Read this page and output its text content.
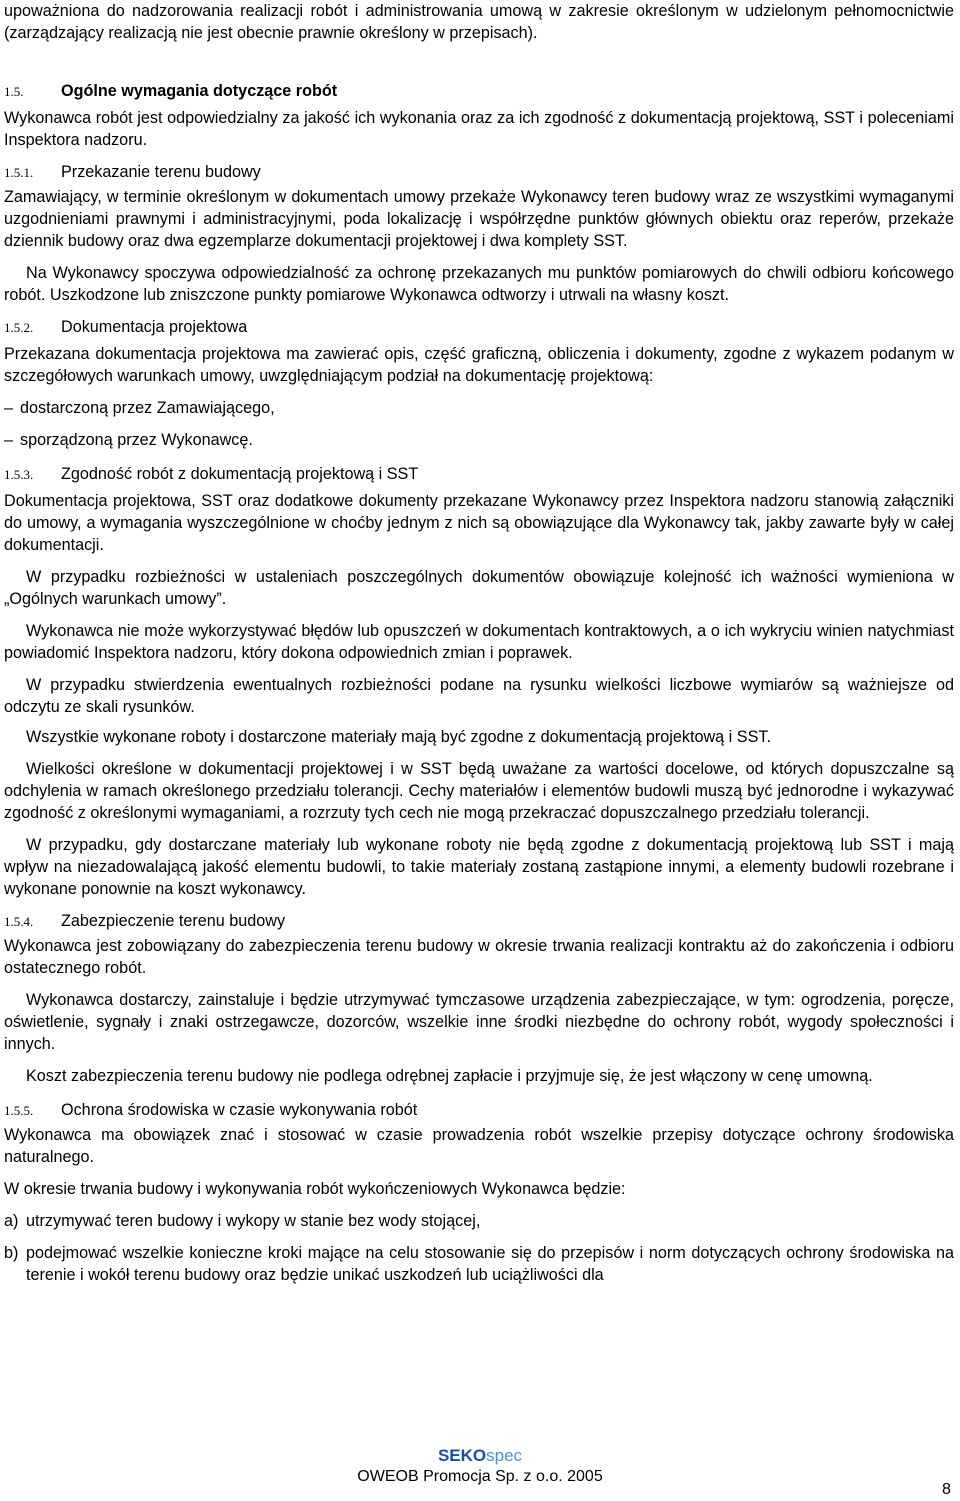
upoważniona do nadzorowania realizacji robót i administrowania umową w zakresie określonym w udzielonym pełnomocnictwie (zarządzający realizacją nie jest obecnie prawnie określony w przepisach).

1.5. Ogólne wymagania dotyczące robót

Wykonawca robót jest odpowiedzialny za jakość ich wykonania oraz za ich zgodność z dokumentacją projektową, SST i poleceniami Inspektora nadzoru.

1.5.1. Przekazanie terenu budowy

Zamawiający, w terminie określonym w dokumentach umowy przekaże Wykonawcy teren budowy wraz ze wszystkimi wymaganymi uzgodnieniami prawnymi i administracyjnymi, poda lokalizację i współrzędne punktów głównych obiektu oraz reperów, przekaże dziennik budowy oraz dwa egzemplarze dokumentacji projektowej i dwa komplety SST.

Na Wykonawcy spoczywa odpowiedzialność za ochronę przekazanych mu punktów pomiarowych do chwili odbioru końcowego robót. Uszkodzone lub zniszczone punkty pomiarowe Wykonawca odtworzy i utrwali na własny koszt.

1.5.2. Dokumentacja projektowa

Przekazana dokumentacja projektowa ma zawierać opis, część graficzną, obliczenia i dokumenty, zgodne z wykazem podanym w szczegółowych warunkach umowy, uwzględniającym podział na dokumentację projektową:

– dostarczoną przez Zamawiającego,
– sporządzoną przez Wykonawcę.
1.5.3. Zgodność robót z dokumentacją projektową i SST

Dokumentacja projektowa, SST oraz dodatkowe dokumenty przekazane Wykonawcy przez Inspektora nadzoru stanowią załączniki do umowy, a wymagania wyszczególnione w choćby jednym z nich są obowiązujące dla Wykonawcy tak, jakby zawarte były w całej dokumentacji.

W przypadku rozbieżności w ustaleniach poszczególnych dokumentów obowiązuje kolejność ich ważności wymieniona w „Ogólnych warunkach umowy”.

Wykonawca nie może wykorzystywać błędów lub opuszczeń w dokumentach kontraktowych, a o ich wykryciu winien natychmiast powiadomić Inspektora nadzoru, który dokona odpowiednich zmian i poprawek.

W przypadku stwierdzenia ewentualnych rozbieżności podane na rysunku wielkości liczbowe wymiarów są ważniejsze od odczytu ze skali rysunków.

Wszystkie wykonane roboty i dostarczone materiały mają być zgodne z dokumentacją projektową i SST.

Wielkości określone w dokumentacji projektowej i w SST będą uważane za wartości docelowe, od których dopuszczalne są odchylenia w ramach określonego przedziału tolerancji. Cechy materiałów i elementów budowli muszą być jednorodne i wykazywać zgodność z określonymi wymaganiami, a rozrzuty tych cech nie mogą przekraczać dopuszczalnego przedziału tolerancji.

W przypadku, gdy dostarczane materiały lub wykonane roboty nie będą zgodne z dokumentacją projektową lub SST i mają wpływ na niezadowalającą jakość elementu budowli, to takie materiały zostaną zastąpione innymi, a elementy budowli rozebrane i wykonane ponownie na koszt wykonawcy.

1.5.4. Zabezpieczenie terenu budowy

Wykonawca jest zobowiązany do zabezpieczenia terenu budowy w okresie trwania realizacji kontraktu aż do zakończenia i odbioru ostatecznego robót.

Wykonawca dostarczy, zainstaluje i będzie utrzymywać tymczasowe urządzenia zabezpieczające, w tym: ogrodzenia, poręcze, oświetlenie, sygnały i znaki ostrzegawcze, dozorców, wszelkie inne środki niezbędne do ochrony robót, wygody społeczności i innych.

Koszt zabezpieczenia terenu budowy nie podlega odrębnej zapłacie i przyjmuje się, że jest włączony w cenę umowną.

1.5.5. Ochrona środowiska w czasie wykonywania robót

Wykonawca ma obowiązek znać i stosować w czasie prowadzenia robót wszelkie przepisy dotyczące ochrony środowiska naturalnego.

W okresie trwania budowy i wykonywania robót wykończeniowych Wykonawca będzie:

a) utrzymywać teren budowy i wykopy w stanie bez wody stojącej,
b) podejmować wszelkie konieczne kroki mające na celu stosowanie się do przepisów i norm dotyczących ochrony środowiska na terenie i wokół terenu budowy oraz będzie unikać uszkodzeń lub uciążliwości dla
SEKOspec
OWEOB Promocja Sp. z o.o. 2005
8
